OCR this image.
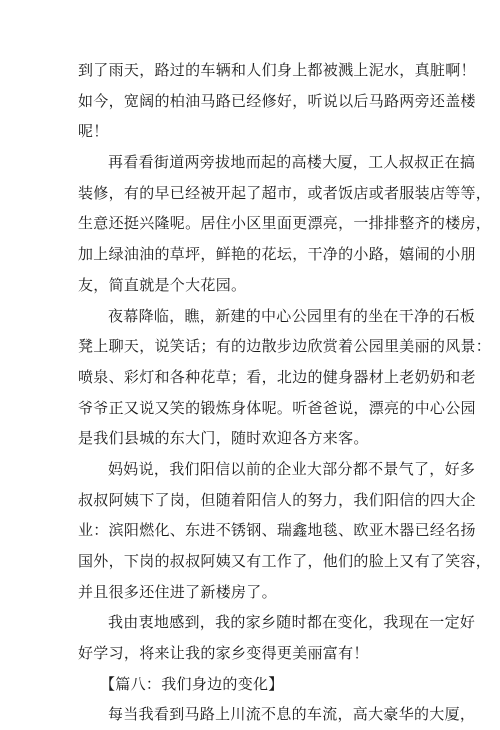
到了雨天，路过的车辆和人们身上都被溅上泥水，真脏啊！
如今，宽阔的柏油马路已经修好，听说以后马路两旁还盖楼
呢！
再看看街道两旁拔地而起的高楼大厦，工人叔叔正在搞
装修，有的早已经被开起了超市，或者饭店或者服装店等等，
生意还挺兴隆呢。居住小区里面更漂亮，一排排整齐的楼房，
加上绿油油的草坪，鲜艳的花坛，干净的小路，嬉闹的小朋
友，简直就是个大花园。
夜幕降临，瞧，新建的中心公园里有的坐在干净的石板
凳上聊天，说笑话；有的边散步边欣赏着公园里美丽的风景：
喷泉、彩灯和各种花草；看，北边的健身器材上老奶奶和老
爷爷正又说又笑的锻炼身体呢。听爸爸说，漂亮的中心公园
是我们县城的东大门，随时欢迎各方来客。
妈妈说，我们阳信以前的企业大部分都不景气了，好多
叔叔阿姨下了岗，但随着阳信人的努力，我们阳信的四大企
业：滨阳燃化、东进不锈钢、瑞鑫地毯、欧亚木器已经名扬
国外，下岗的叔叔阿姨又有工作了，他们的脸上又有了笑容，
并且很多还住进了新楼房了。
我由衷地感到，我的家乡随时都在变化，我现在一定好
好学习，将来让我的家乡变得更美丽富有！
【篇八：我们身边的变化】
每当我看到马路上川流不息的车流，高大豪华的大厦，
